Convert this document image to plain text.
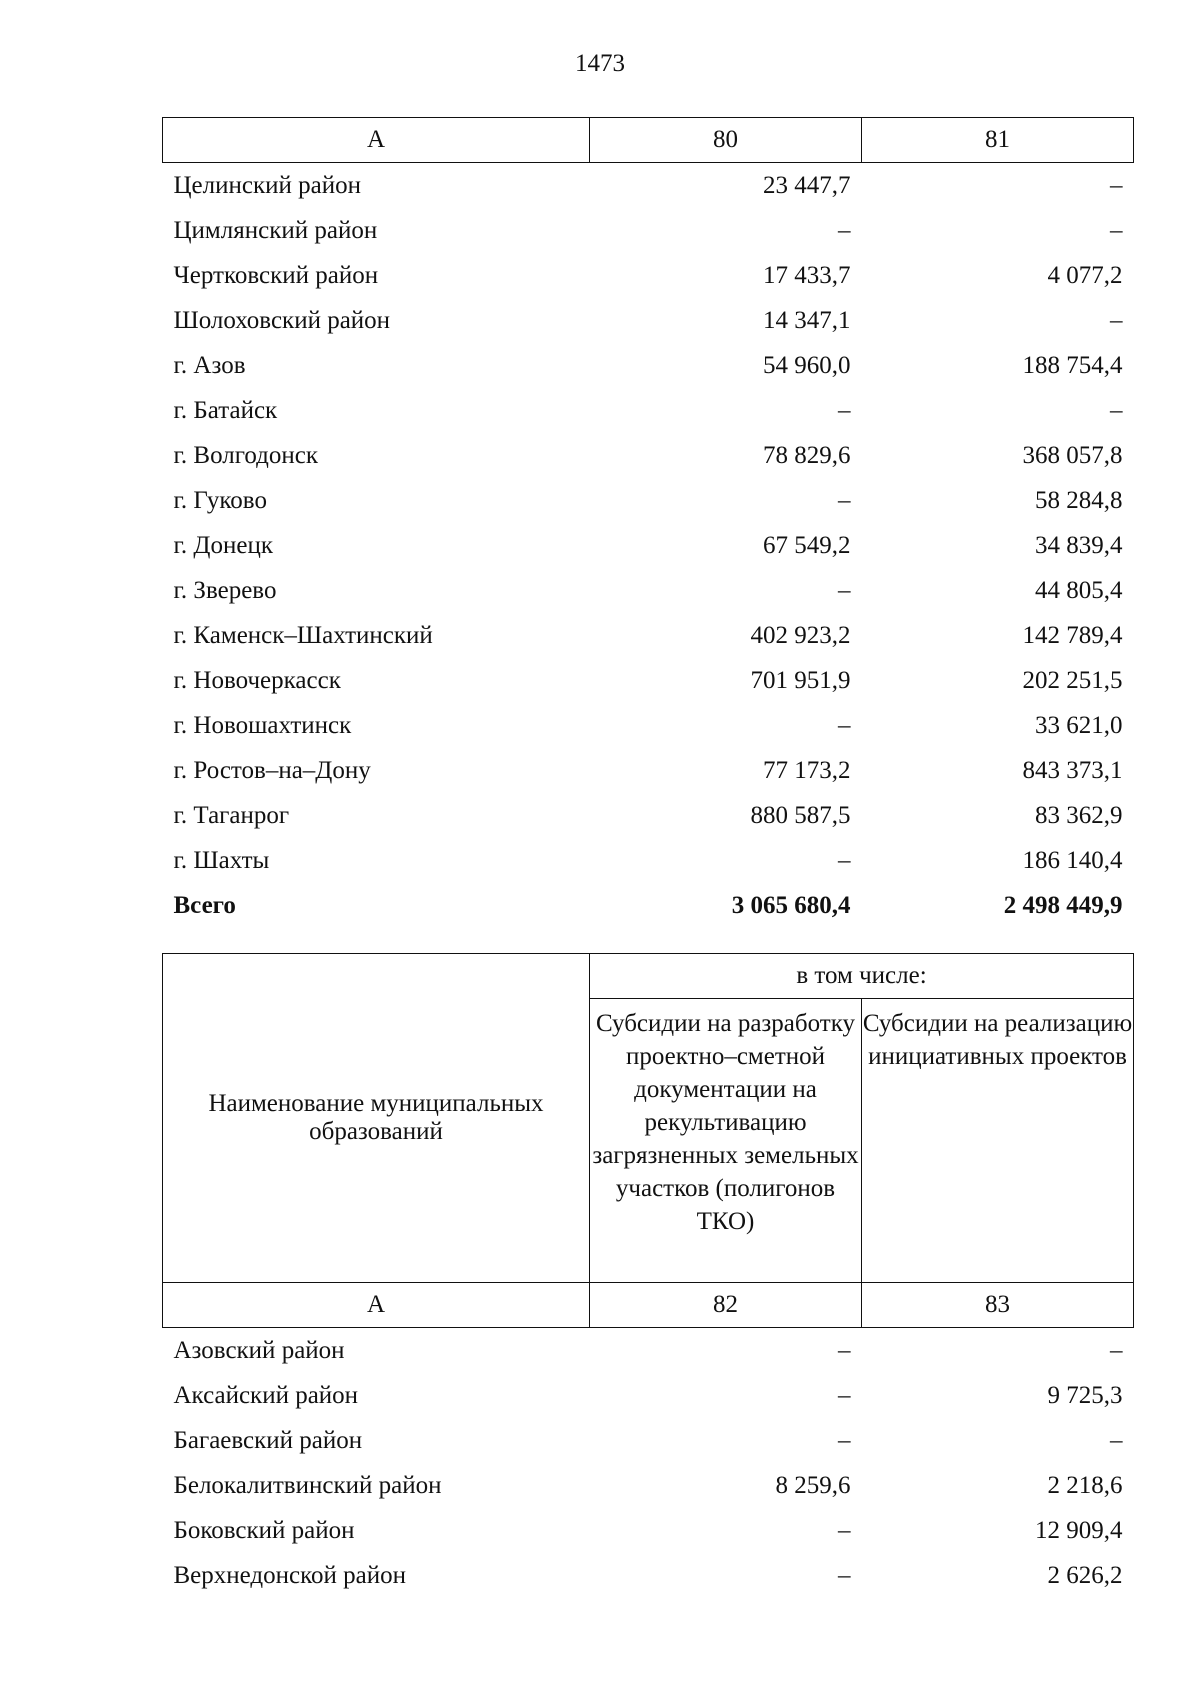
1473
А	80	81
Целинский район	23 447,7	–
Цимлянский район	–	–
Чертковский район	17 433,7	4 077,2
Шолоховский район	14 347,1	–
г. Азов	54 960,0	188 754,4
г. Батайск	–	–
г. Волгодонск	78 829,6	368 057,8
г. Гуково	–	58 284,8
г. Донецк	67 549,2	34 839,4
г. Зверево	–	44 805,4
г. Каменск–Шахтинский	402 923,2	142 789,4
г. Новочеркасск	701 951,9	202 251,5
г. Новошахтинск	–	33 621,0
г. Ростов–на–Дону	77 173,2	843 373,1
г. Таганрог	880 587,5	83 362,9
г. Шахты	–	186 140,4
Всего	3 065 680,4	2 498 449,9
Наименование муниципальных образований	в том числе:	
	Субсидии на разработку проектно–сметной документации на рекультивацию загрязненных земельных участков (полигонов ТКО)	Субсидии на реализацию инициативных проектов
А	82	83
Азовский район	–	–
Аксайский район	–	9 725,3
Багаевский район	–	–
Белокалитвинский район	8 259,6	2 218,6
Боковский район	–	12 909,4
Верхнедонской район	–	2 626,2
